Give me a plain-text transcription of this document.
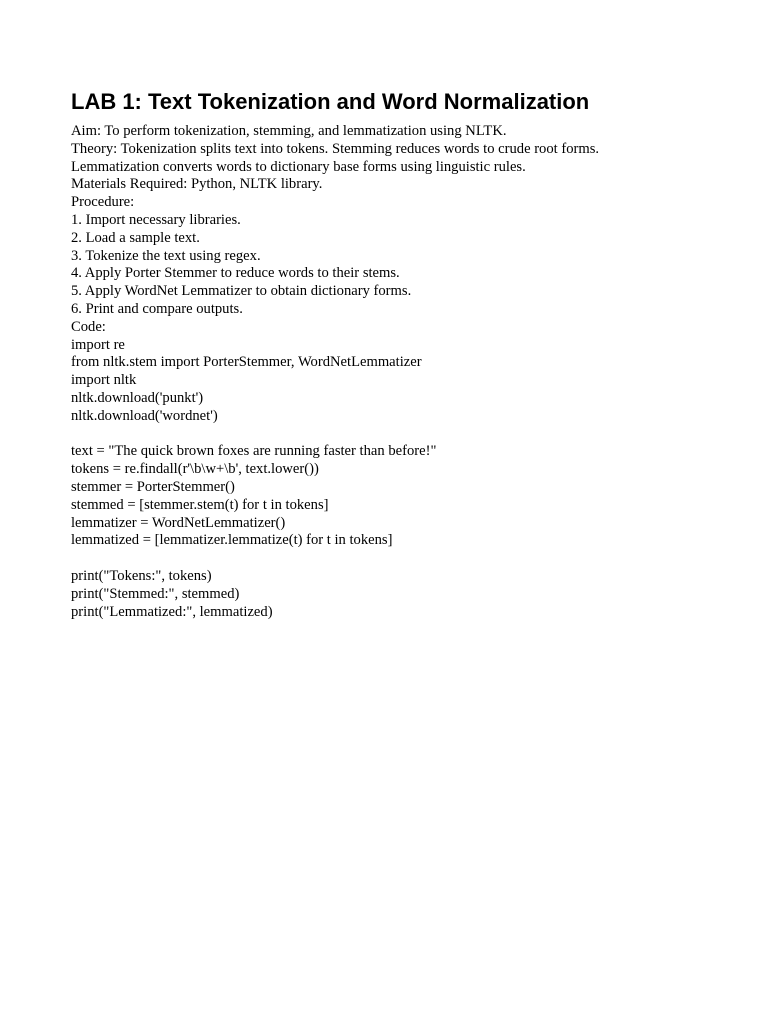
LAB 1: Text Tokenization and Word Normalization
Aim: To perform tokenization, stemming, and lemmatization using NLTK.
Theory: Tokenization splits text into tokens. Stemming reduces words to crude root forms.
Lemmatization converts words to dictionary base forms using linguistic rules.
Materials Required: Python, NLTK library.
Procedure:
1. Import necessary libraries.
2. Load a sample text.
3. Tokenize the text using regex.
4. Apply Porter Stemmer to reduce words to their stems.
5. Apply WordNet Lemmatizer to obtain dictionary forms.
6. Print and compare outputs.
Code:
import re
from nltk.stem import PorterStemmer, WordNetLemmatizer
import nltk
nltk.download('punkt')
nltk.download('wordnet')
text = "The quick brown foxes are running faster than before!"
tokens = re.findall(r'\b\w+\b', text.lower())
stemmer = PorterStemmer()
stemmed = [stemmer.stem(t) for t in tokens]
lemmatizer = WordNetLemmatizer()
lemmatized = [lemmatizer.lemmatize(t) for t in tokens]
print("Tokens:", tokens)
print("Stemmed:", stemmed)
print("Lemmatized:", lemmatized)
